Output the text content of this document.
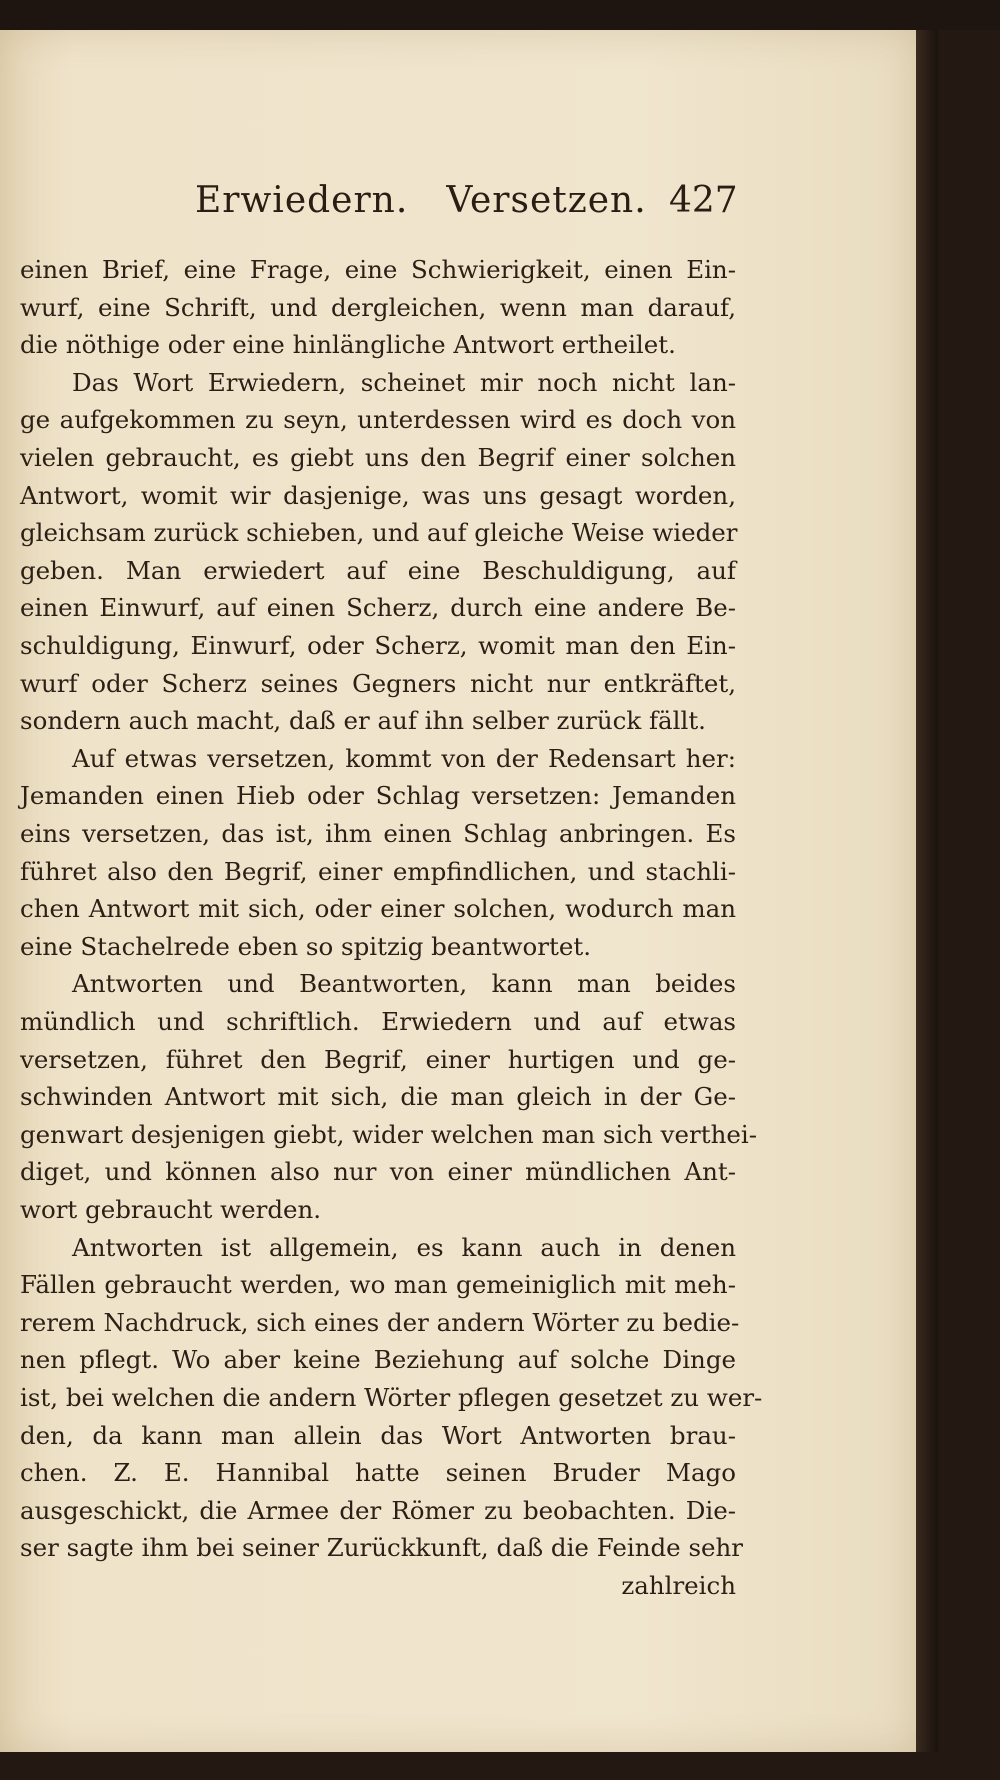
Erwiedern. Versetzen. 427
einen Brief, eine Frage, eine Schwierigkeit, einen Ein-
wurf, eine Schrift, und dergleichen, wenn man darauf,
die nöthige oder eine hinlängliche Antwort ertheilet.
Das Wort Erwiedern, scheinet mir noch nicht lan-
ge aufgekommen zu seyn, unterdessen wird es doch von
vielen gebraucht, es giebt uns den Begrif einer solchen
Antwort, womit wir dasjenige, was uns gesagt worden,
gleichsam zurück schieben, und auf gleiche Weise wieder
geben. Man erwiedert auf eine Beschuldigung, auf
einen Einwurf, auf einen Scherz, durch eine andere Be-
schuldigung, Einwurf, oder Scherz, womit man den Ein-
wurf oder Scherz seines Gegners nicht nur entkräftet,
sondern auch macht, daß er auf ihn selber zurück fällt.
Auf etwas versetzen, kommt von der Redensart her:
Jemanden einen Hieb oder Schlag versetzen: Jemanden
eins versetzen, das ist, ihm einen Schlag anbringen. Es
führet also den Begrif, einer empfindlichen, und stachli-
chen Antwort mit sich, oder einer solchen, wodurch man
eine Stachelrede eben so spitzig beantwortet.
Antworten und Beantworten, kann man beides
mündlich und schriftlich. Erwiedern und auf etwas
versetzen, führet den Begrif, einer hurtigen und ge-
schwinden Antwort mit sich, die man gleich in der Ge-
genwart desjenigen giebt, wider welchen man sich verthei-
diget, und können also nur von einer mündlichen Ant-
wort gebraucht werden.
Antworten ist allgemein, es kann auch in denen
Fällen gebraucht werden, wo man gemeiniglich mit meh-
rerem Nachdruck, sich eines der andern Wörter zu bedie-
nen pflegt. Wo aber keine Beziehung auf solche Dinge
ist, bei welchen die andern Wörter pflegen gesetzet zu wer-
den, da kann man allein das Wort Antworten brau-
chen. Z. E. Hannibal hatte seinen Bruder Mago
ausgeschickt, die Armee der Römer zu beobachten. Die-
ser sagte ihm bei seiner Zurückkunft, daß die Feinde sehr
zahlreich
